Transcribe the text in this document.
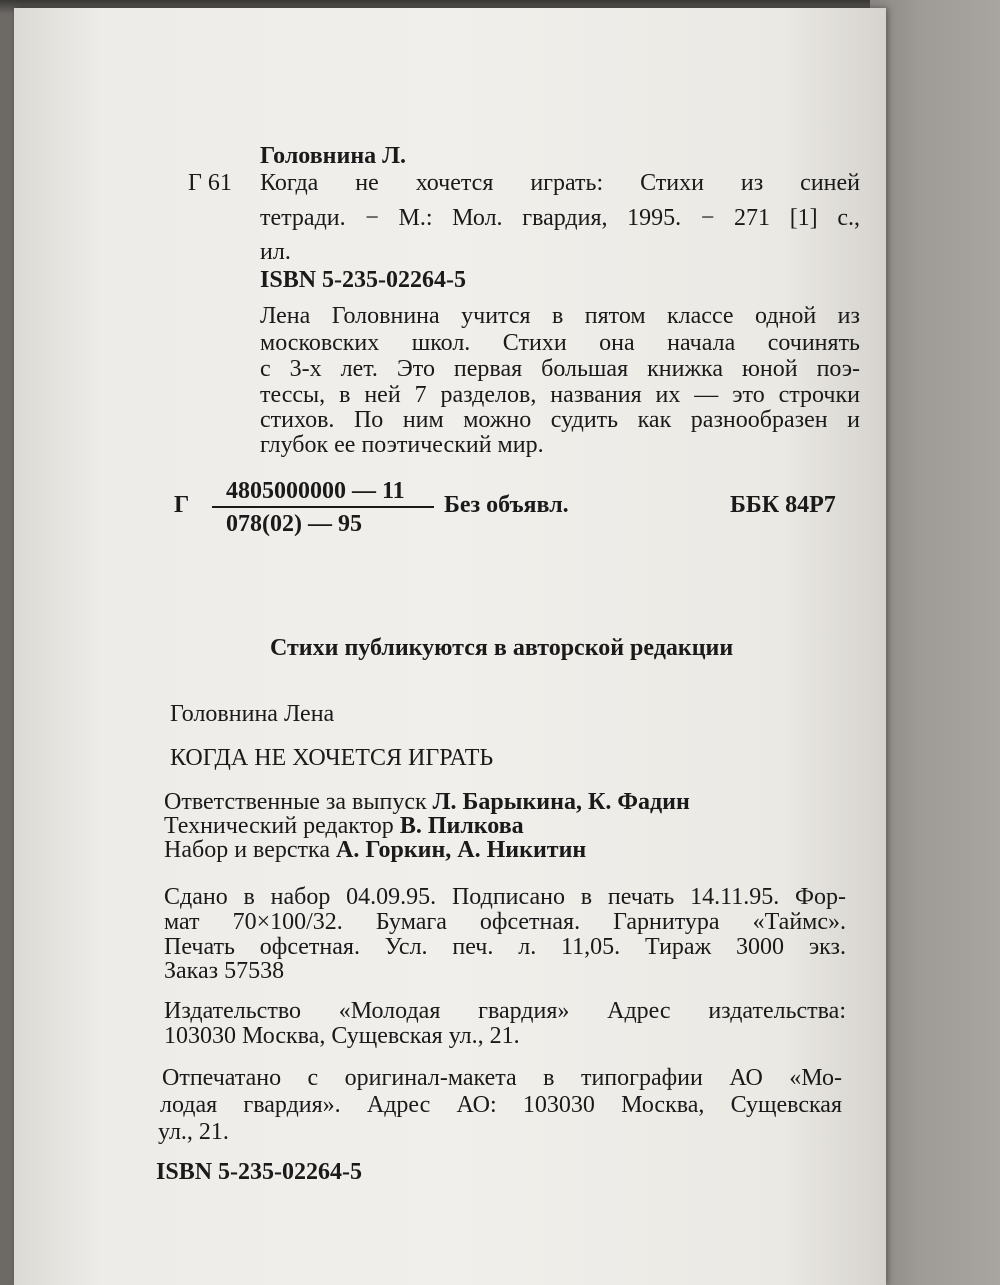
Головнина Л.
Г 61 Когда не хочется играть: Стихи из синей
тетради. − М.: Мол. гвардия, 1995. − 271 [1] с.,
ил.
ISBN 5-235-02264-5
Лена Головнина учится в пятом классе одной из
московских школ. Стихи она начала сочинять
с 3-х лет. Это первая большая книжка юной поэ-
тессы, в ней 7 разделов, названия их — это строчки
стихов. По ним можно судить как разнообразен и
глубок ее поэтический мир.
Г
4805000000 — 11
078(02) — 95
Без объявл.	ББК 84Р7
Стихи публикуются в авторской редакции
Головнина Лена
КОГДА НЕ ХОЧЕТСЯ ИГРАТЬ
Ответственные за выпуск Л. Барыкина, К. Фадин
Технический редактор В. Пилкова
Набор и верстка А. Горкин, А. Никитин
Сдано в набор 04.09.95. Подписано в печать 14.11.95. Фор-
мат 70×100/32. Бумага офсетная. Гарнитура «Таймс».
Печать офсетная. Усл. печ. л. 11,05. Тираж 3000 экз.
Заказ 57538
Издательство «Молодая гвардия» Адрес издательства:
103030 Москва, Сущевская ул., 21.
Отпечатано с оригинал-макета в типографии АО «Мо-
лодая гвардия». Адрес АО: 103030 Москва, Сущевская
ул., 21.
ISBN 5-235-02264-5
